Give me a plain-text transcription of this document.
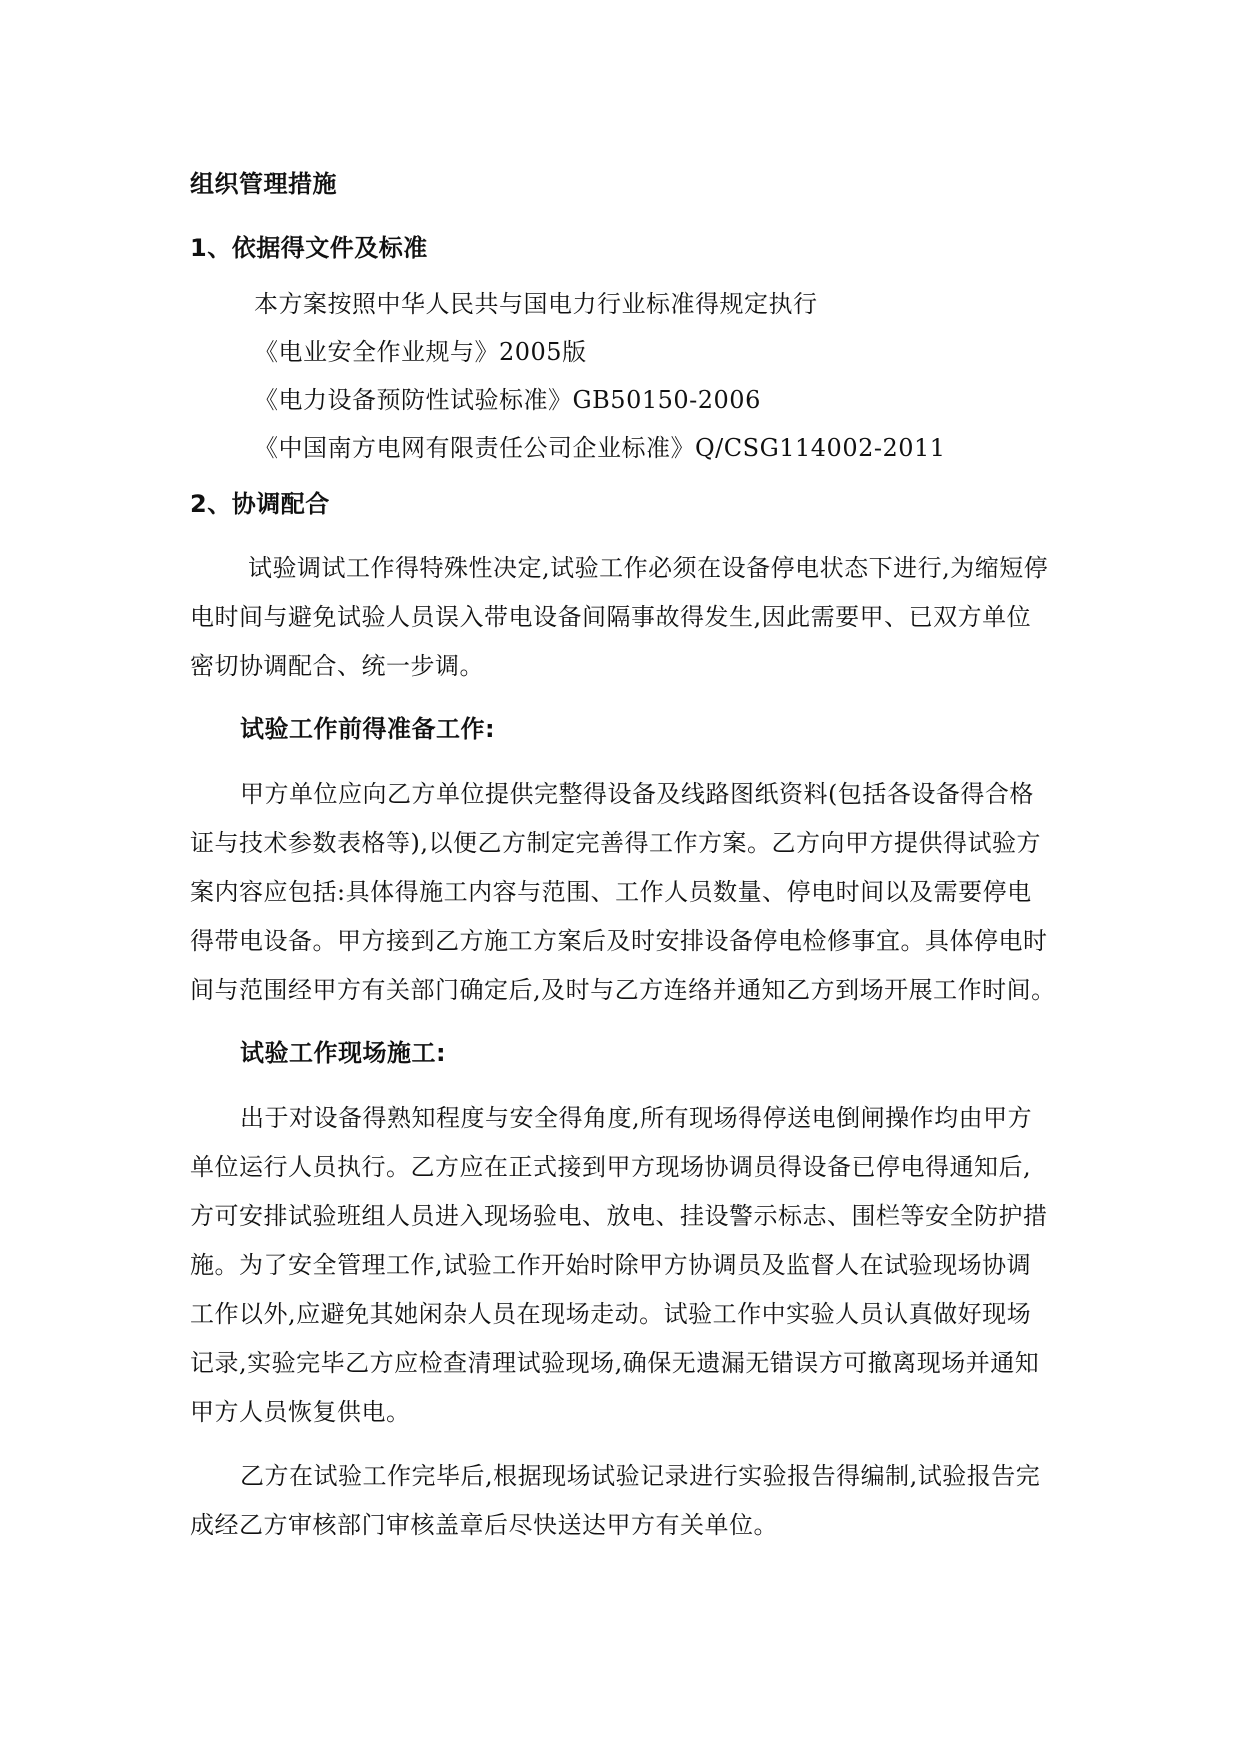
组织管理措施
1、依据得文件及标准
本方案按照中华人民共与国电力行业标准得规定执行
《电业安全作业规与》2005版
《电力设备预防性试验标准》GB50150-2006
《中国南方电网有限责任公司企业标准》Q/CSG114002-2011
2、协调配合
试验调试工作得特殊性决定,试验工作必须在设备停电状态下进行,为缩短停
电时间与避免试验人员误入带电设备间隔事故得发生,因此需要甲、已双方单位
密切协调配合、统一步调。
试验工作前得准备工作:
甲方单位应向乙方单位提供完整得设备及线路图纸资料(包括各设备得合格
证与技术参数表格等),以便乙方制定完善得工作方案。乙方向甲方提供得试验方
案内容应包括:具体得施工内容与范围、工作人员数量、停电时间以及需要停电
得带电设备。甲方接到乙方施工方案后及时安排设备停电检修事宜。具体停电时
间与范围经甲方有关部门确定后,及时与乙方连络并通知乙方到场开展工作时间。
试验工作现场施工:
出于对设备得熟知程度与安全得角度,所有现场得停送电倒闸操作均由甲方
单位运行人员执行。乙方应在正式接到甲方现场协调员得设备已停电得通知后,
方可安排试验班组人员进入现场验电、放电、挂设警示标志、围栏等安全防护措
施。为了安全管理工作,试验工作开始时除甲方协调员及监督人在试验现场协调
工作以外,应避免其她闲杂人员在现场走动。试验工作中实验人员认真做好现场
记录,实验完毕乙方应检查清理试验现场,确保无遗漏无错误方可撤离现场并通知
甲方人员恢复供电。
乙方在试验工作完毕后,根据现场试验记录进行实验报告得编制,试验报告完
成经乙方审核部门审核盖章后尽快送达甲方有关单位。
